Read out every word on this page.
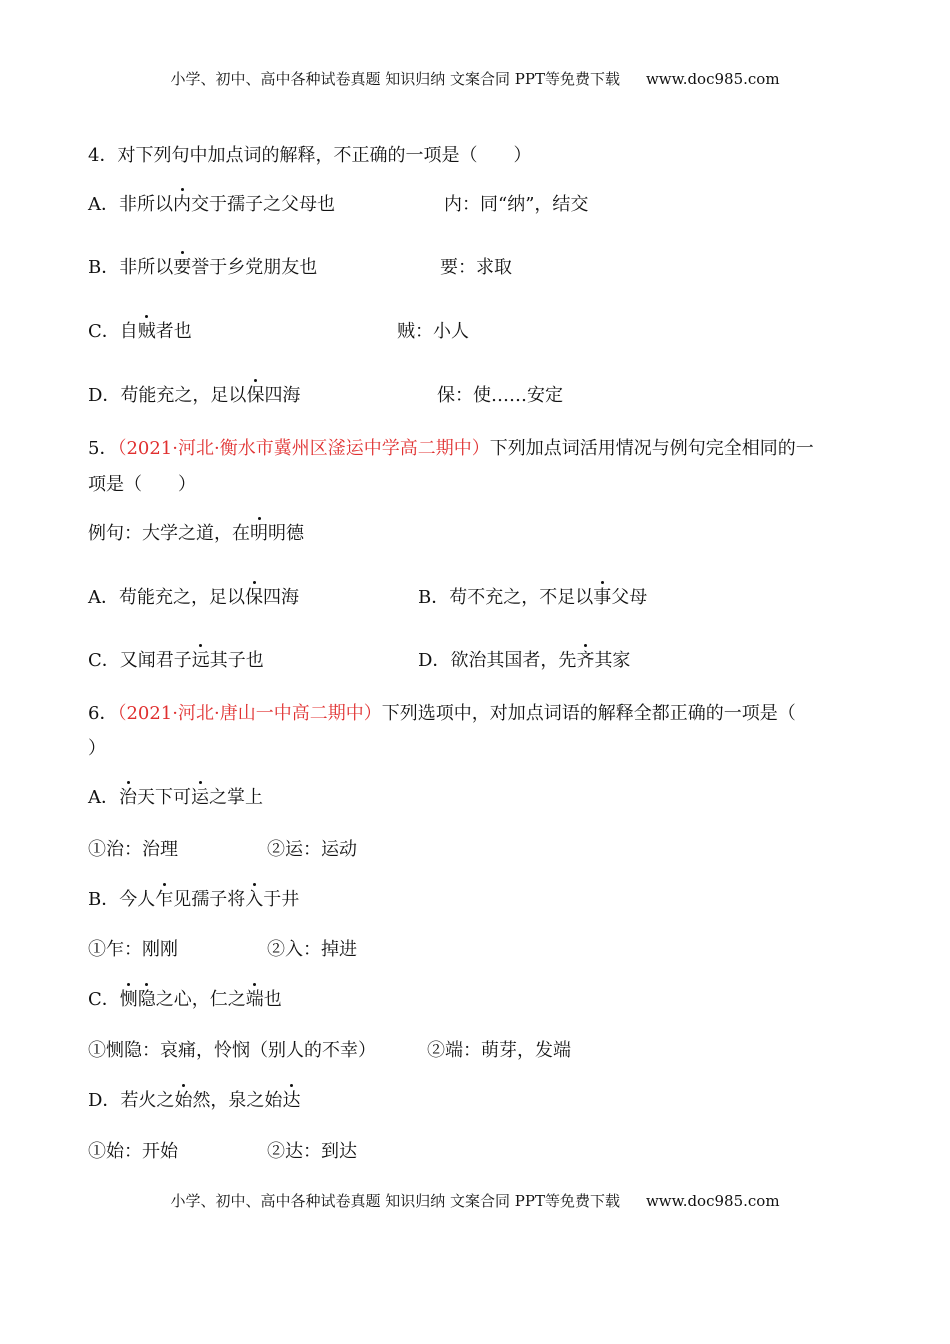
小学、初中、高中各种试卷真题 知识归纳 文案合同 PPT等免费下载 www.doc985.com
4．对下列句中加点词的解释，不正确的一项是（　　）
A．非所以内交于孺子之父母也	内：同“纳”，结交
B．非所以要誉于乡党朋友也	要：求取
C．自贼者也	贼：小人
D．苟能充之，足以保四海	保：使……安定
5．（2021·河北·衡水市冀州区滏运中学高二期中）下列加点词活用情况与例句完全相同的一
项是（　　）
例句：大学之道，在明明德
A．苟能充之，足以保四海	B．苟不充之，不足以事父母
C．又闻君子远其子也	D．欲治其国者，先齐其家
6．（2021·河北·唐山一中高二期中）下列选项中，对加点词语的解释全都正确的一项是（
）
A．治天下可运之掌上
①治：治理	②运：运动
B．今人乍见孺子将入于井
①乍：刚刚	②入：掉进
C．恻隐之心，仁之端也
①恻隐：哀痛，怜悯（别人的不幸）	②端：萌芽，发端
D．若火之始然，泉之始达
①始：开始	②达：到达
小学、初中、高中各种试卷真题 知识归纳 文案合同 PPT等免费下载 www.doc985.com
